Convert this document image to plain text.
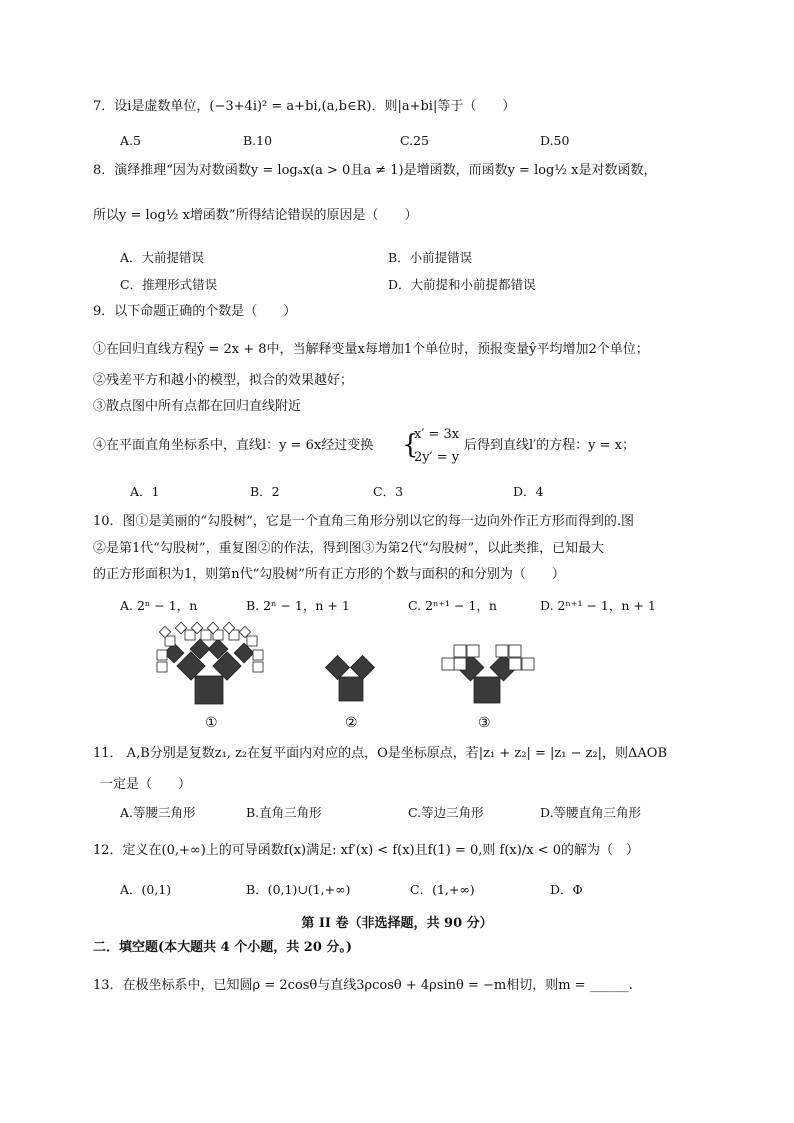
7．设i是虚数单位，(−3+4i)² = a+bi,(a,b∈R)．则|a+bi|等于（　　）
A.5	B.10	C.25	D.50
8．演绎推理“因为对数函数y = logₐx(a > 0且a ≠ 1)是增函数，而函数y = log½ x是对数函数，
所以y = log½ x增函数”所得结论错误的原因是（　　）
A．大前提错误	B．小前提错误
C．推理形式错误	D．大前提和小前提都错误
9．以下命题正确的个数是（　　）
①在回归直线方程ŷ = 2x + 8中，当解释变量x每增加1个单位时，预报变量ŷ平均增加2个单位；
②残差平方和越小的模型，拟合的效果越好；
③散点图中所有点都在回归直线附近
④在平面直角坐标系中，直线l：y = 6x经过变换 {
x′ = 3x
2y′ = y
后得到直线l′的方程：y = x；
A．1	B．2	C．3	D．4
10．图①是美丽的“勾股树”，它是一个直角三角形分别以它的每一边向外作正方形而得到的.图
②是第1代“勾股树”，重复图②的作法，得到图③为第2代“勾股树”，以此类推，已知最大
的正方形面积为1，则第n代“勾股树”所有正方形的个数与面积的和分别为（　　）
A. 2ⁿ − 1，n	B. 2ⁿ − 1，n + 1	C. 2ⁿ⁺¹ − 1，n	D. 2ⁿ⁺¹ − 1，n + 1
①	②	③
11． A,B分别是复数z₁, z₂在复平面内对应的点，O是坐标原点，若|z₁ + z₂| = |z₁ − z₂|，则ΔAOB
一定是（　　）
A.等腰三角形	B.直角三角形	C.等边三角形	D.等腰直角三角形
12．定义在(0,+∞)上的可导函数f(x)满足: xf′(x) < f(x)且f(1) = 0,则 f(x)/x < 0的解为（　）
A．(0,1)	B．(0,1)∪(1,+∞)	C．(1,+∞)	D．Φ
第 II 卷（非选择题，共 90 分）
二．填空题(本大题共 4 个小题，共 20 分。)
13．在极坐标系中，已知圆ρ = 2cosθ与直线3ρcosθ + 4ρsinθ = −m相切，则m = ______.
